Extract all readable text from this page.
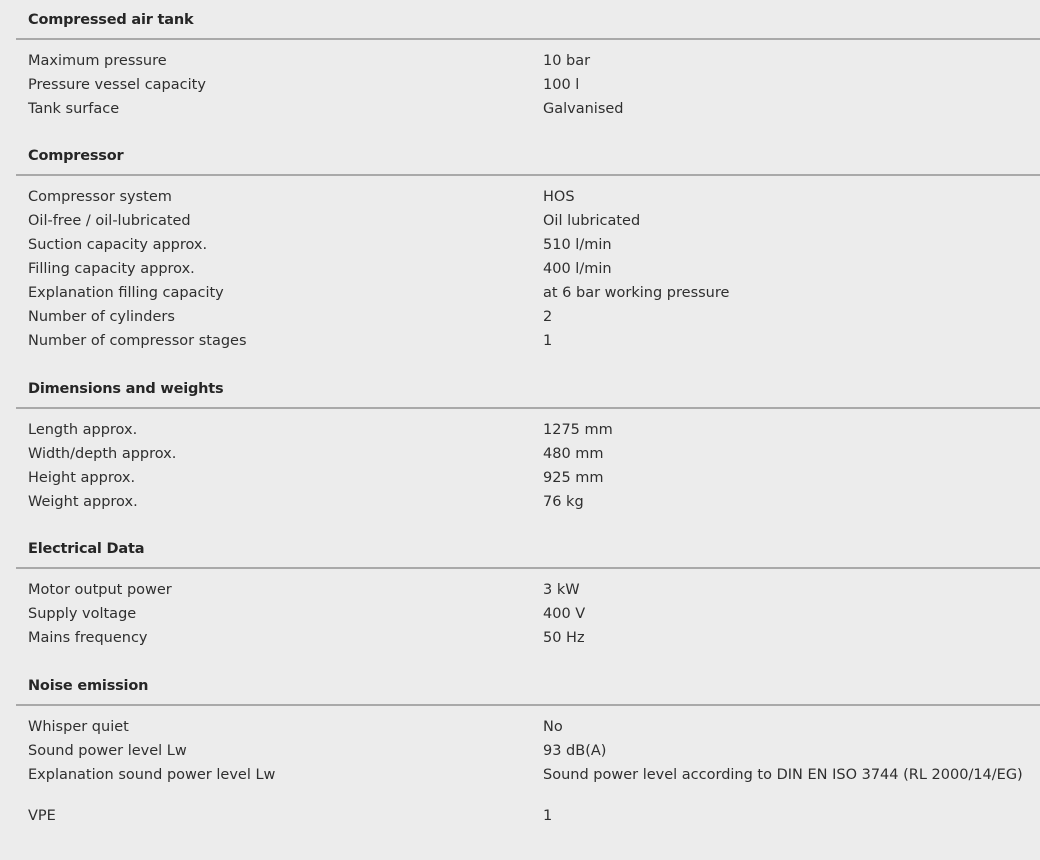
Compressed air tank
Maximum pressure	10 bar
Pressure vessel capacity	100 l
Tank surface	Galvanised
Compressor
Compressor system	HOS
Oil-free / oil-lubricated	Oil lubricated
Suction capacity approx.	510 l/min
Filling capacity approx.	400 l/min
Explanation filling capacity	at 6 bar working pressure
Number of cylinders	2
Number of compressor stages	1
Dimensions and weights
Length approx.	1275 mm
Width/depth approx.	480 mm
Height approx.	925 mm
Weight approx.	76 kg
Electrical Data
Motor output power	3 kW
Supply voltage	400 V
Mains frequency	50 Hz
Noise emission
Whisper quiet	No
Sound power level Lw	93 dB(A)
Explanation sound power level Lw	Sound power level according to DIN EN ISO 3744 (RL 2000/14/EG)
VPE	1
